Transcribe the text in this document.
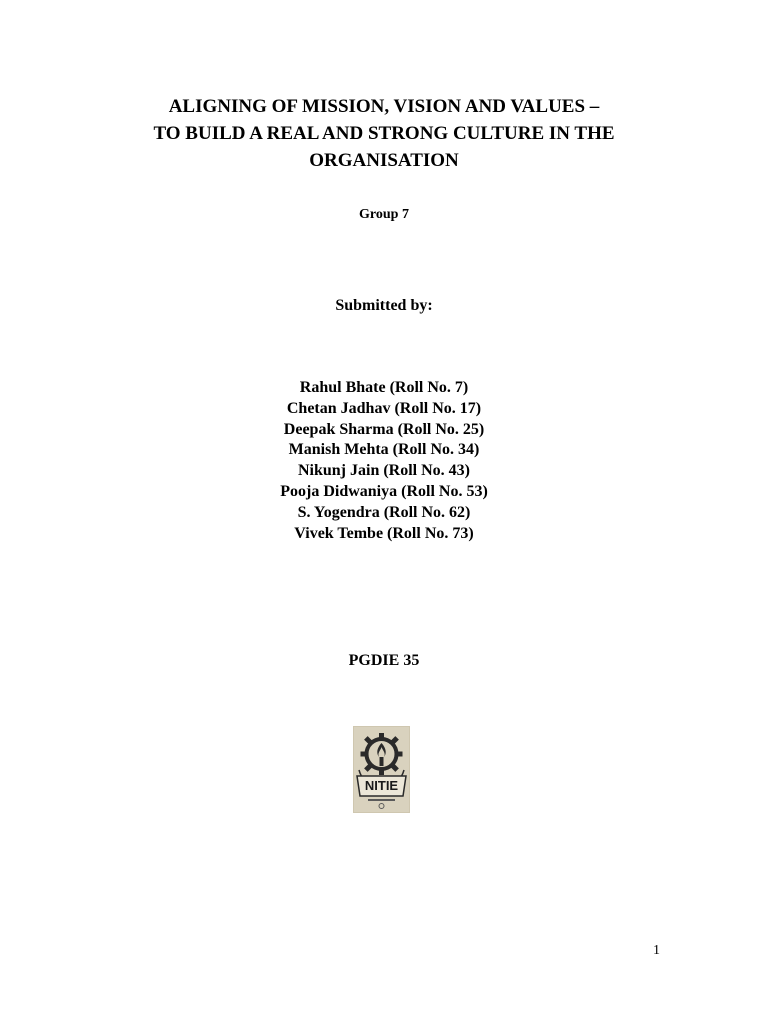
ALIGNING OF MISSION, VISION AND VALUES –
TO BUILD A REAL AND STRONG CULTURE IN THE
ORGANISATION
Group 7
Submitted by:
Rahul Bhate (Roll No. 7)
Chetan Jadhav (Roll No. 17)
Deepak Sharma (Roll No. 25)
Manish Mehta (Roll No. 34)
Nikunj Jain (Roll No. 43)
Pooja Didwaniya (Roll No. 53)
S. Yogendra (Roll No. 62)
Vivek Tembe (Roll No. 73)
PGDIE 35
NITIE
1
